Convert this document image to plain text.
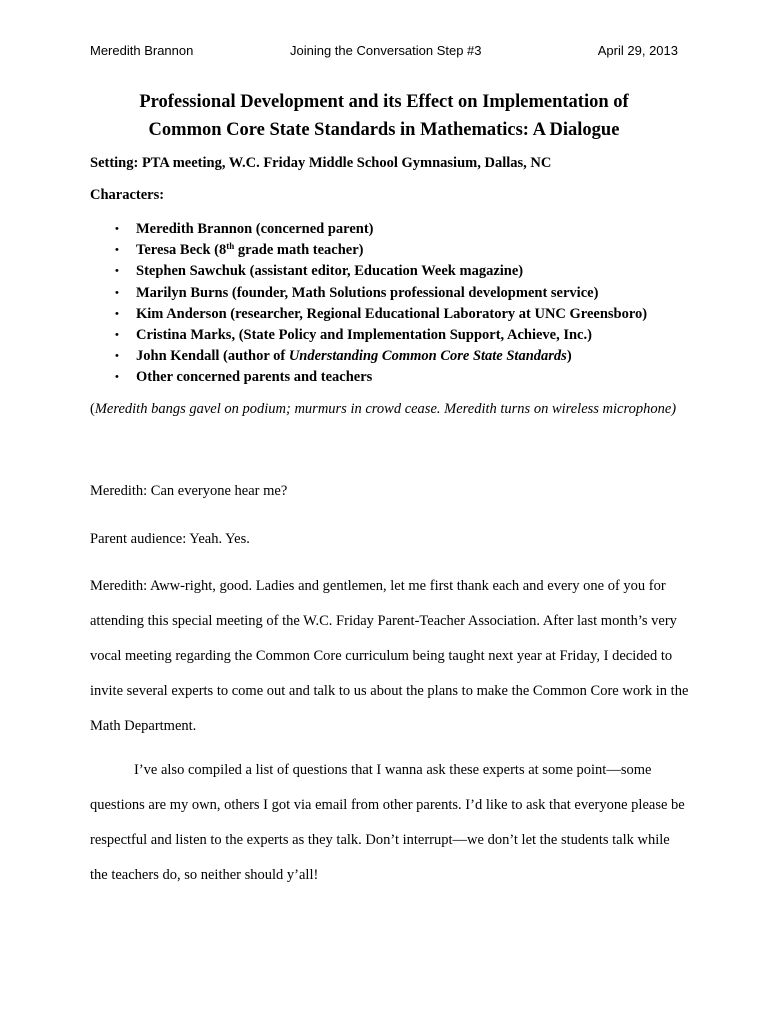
Meredith Brannon	Joining the Conversation Step #3	April 29, 2013
Professional Development and its Effect on Implementation of
Common Core State Standards in Mathematics: A Dialogue
Setting: PTA meeting, W.C. Friday Middle School Gymnasium, Dallas, NC
Characters:
• Meredith Brannon (concerned parent)
• Teresa Beck (8th grade math teacher)
• Stephen Sawchuk (assistant editor, Education Week magazine)
• Marilyn Burns (founder, Math Solutions professional development service)
• Kim Anderson (researcher, Regional Educational Laboratory at UNC Greensboro)
• Cristina Marks, (State Policy and Implementation Support, Achieve, Inc.)
• John Kendall (author of Understanding Common Core State Standards)
• Other concerned parents and teachers
(Meredith bangs gavel on podium; murmurs in crowd cease. Meredith turns on wireless microphone)

Meredith: Can everyone hear me?

Parent audience: Yeah. Yes.

Meredith: Aww-right, good. Ladies and gentlemen, let me first thank each and every one of you for attending this special meeting of the W.C. Friday Parent-Teacher Association. After last month’s very vocal meeting regarding the Common Core curriculum being taught next year at Friday, I decided to invite several experts to come out and talk to us about the plans to make the Common Core work in the Math Department.

I’ve also compiled a list of questions that I wanna ask these experts at some point—some questions are my own, others I got via email from other parents. I’d like to ask that everyone please be respectful and listen to the experts as they talk. Don’t interrupt—we don’t let the students talk while the teachers do, so neither should y’all!
